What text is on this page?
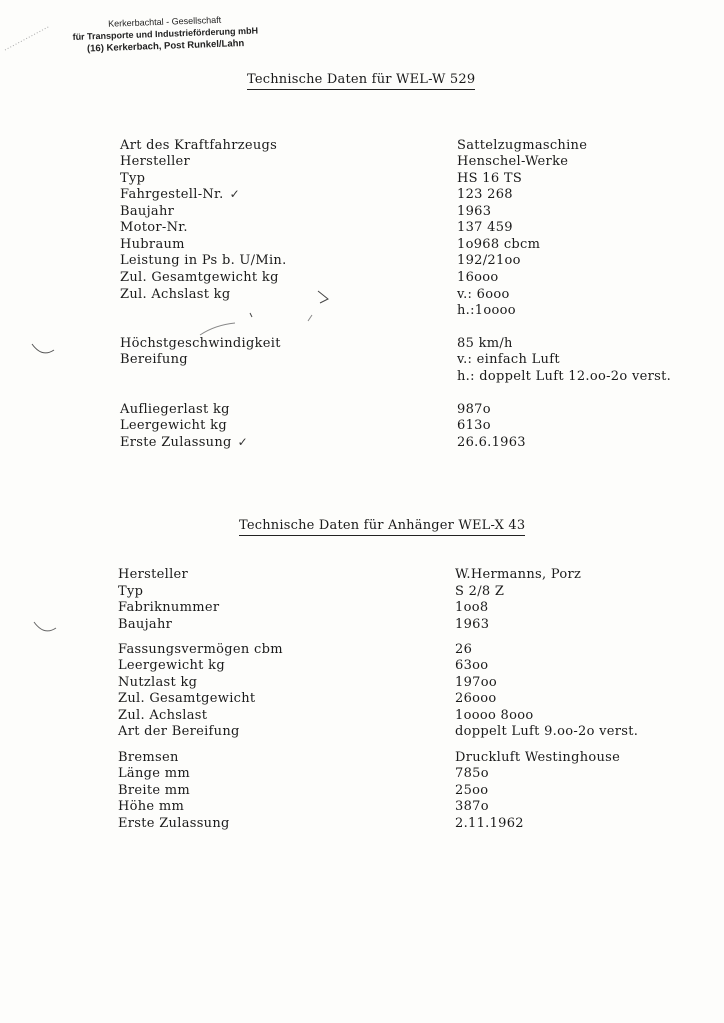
Kerkerbachtal - Gesellschaft
für Transporte und Industrieförderung mbH
(16) Kerkerbach, Post Runkel/Lahn
Technische Daten für WEL-W 529
Technische Daten für Anhänger WEL-X 43
Art des Kraftfahrzeugs	Sattelzugmaschine
Hersteller	Henschel-Werke
Typ	HS 16 TS
Fahrgestell-Nr. ✓	123 268
Baujahr	1963
Motor-Nr.	137 459
Hubraum	1o968 cbcm
Leistung in Ps b. U/Min.	192/21oo
Zul. Gesamtgewicht kg	16ooo
Zul. Achslast kg	v.: 6ooo
h.:1oooo
Höchstgeschwindigkeit	85 km/h
Bereifung	v.: einfach Luft
h.: doppelt Luft 12.oo-2o verst.
Aufliegerlast kg	987o
Leergewicht kg	613o
Erste Zulassung ✓	26.6.1963
Hersteller	W.Hermanns, Porz
Typ	S 2/8 Z
Fabriknummer	1oo8
Baujahr	1963
Fassungsvermögen cbm	26
Leergewicht kg	63oo
Nutzlast kg	197oo
Zul. Gesamtgewicht	26ooo
Zul. Achslast	1oooo 8ooo
Art der Bereifung	doppelt Luft 9.oo-2o verst.
Bremsen	Druckluft Westinghouse
Länge mm	785o
Breite mm	25oo
Höhe mm	387o
Erste Zulassung	2.11.1962
